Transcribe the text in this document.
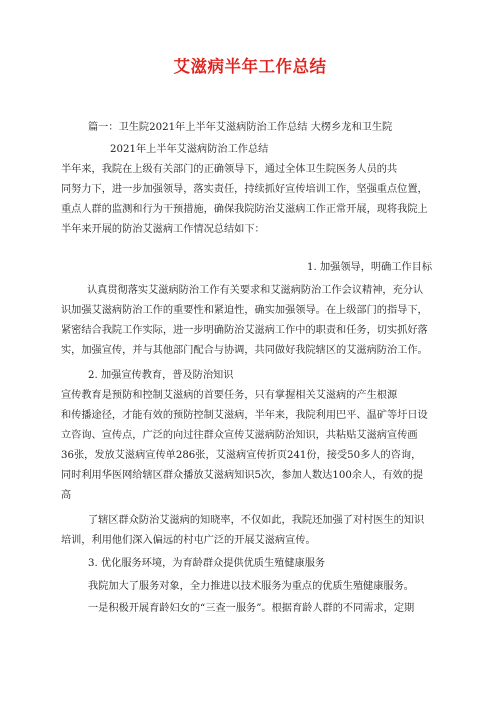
艾滋病半年工作总结
篇一：卫生院2021年上半年艾滋病防治工作总结 大楞乡龙和卫生院
2021年上半年艾滋病防治工作总结
半年来，我院在上级有关部门的正确领导下，通过全体卫生院医务人员的共
同努力下，进一步加强领导，落实责任，持续抓好宣传培训工作，坚强重点位置，
重点人群的监测和行为干预措施，确保我院防治艾滋病工作正常开展，现将我院上
半年来开展的防治艾滋病工作情况总结如下：
1. 加强领导，明确工作目标
认真贯彻落实艾滋病防治工作有关要求和艾滋病防治工作会议精神，充分认
识加强艾滋病防治工作的重要性和紧迫性，确实加强领导。在上级部门的指导下，
紧密结合我院工作实际，进一步明确防治艾滋病工作中的职责和任务，切实抓好落
实，加强宣传，并与其他部门配合与协调，共同做好我院辖区的艾滋病防治工作。
2. 加强宣传教育，普及防治知识
宣传教育是预防和控制艾滋病的首要任务，只有掌握相关艾滋病的产生根源
和传播途径，才能有效的预防控制艾滋病，半年来，我院利用巴平、温矿等圩日设
立咨询、宣传点，广泛的向过往群众宣传艾滋病防治知识，共粘贴艾滋病宣传画
36张，发放艾滋病宣传单286张，艾滋病宣传折页241份，接受50多人的咨询，
同时利用华医网给辖区群众播放艾滋病知识5次，参加人数达100余人，有效的提
高
了辖区群众防治艾滋病的知晓率，不仅如此，我院还加强了对村医生的知识
培训，利用他们深入偏远的村屯广泛的开展艾滋病宣传。
3. 优化服务环境，为育龄群众提供优质生殖健康服务
我院加大了服务对象，全力推进以技术服务为重点的优质生殖健康服务。
一是积极开展育龄妇女的“三查一服务”。根据育龄人群的不同需求，定期
